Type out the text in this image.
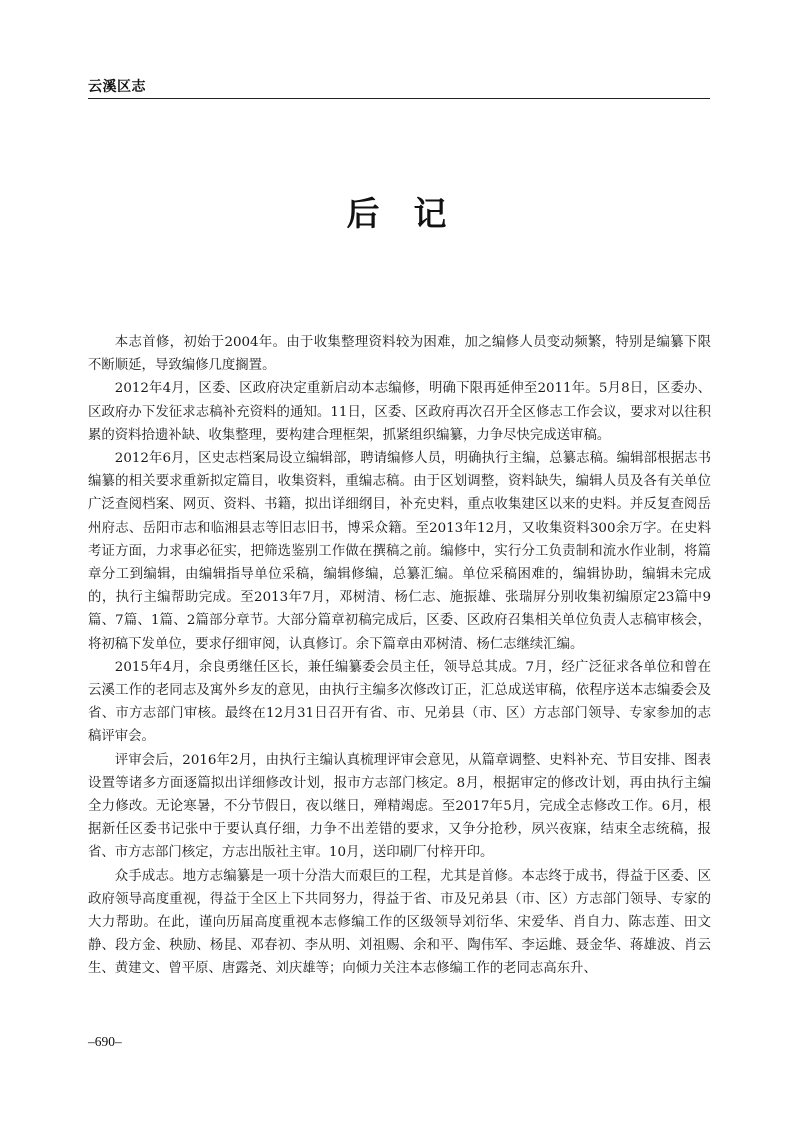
云溪区志
后记

本志首修，初始于2004年。由于收集整理资料较为困难，加之编修人员变动频繁，特别是编纂下限不断顺延，导致编修几度搁置。

2012年4月，区委、区政府决定重新启动本志编修，明确下限再延伸至2011年。5月8日，区委办、区政府办下发征求志稿补充资料的通知。11日，区委、区政府再次召开全区修志工作会议，要求对以往积累的资料拾遗补缺、收集整理，要构建合理框架，抓紧组织编纂，力争尽快完成送审稿。

2012年6月，区史志档案局设立编辑部，聘请编修人员，明确执行主编，总纂志稿。编辑部根据志书编纂的相关要求重新拟定篇目，收集资料，重编志稿。由于区划调整，资料缺失，编辑人员及各有关单位广泛查阅档案、网页、资料、书籍，拟出详细纲目，补充史料，重点收集建区以来的史料。并反复查阅岳州府志、岳阳市志和临湘县志等旧志旧书，博采众籍。至2013年12月，又收集资料300余万字。在史料考证方面，力求事必征实，把筛选鉴别工作做在撰稿之前。编修中，实行分工负责制和流水作业制，将篇章分工到编辑，由编辑指导单位采稿，编辑修编，总纂汇编。单位采稿困难的，编辑协助，编辑未完成的，执行主编帮助完成。至2013年7月，邓树清、杨仁志、施振雄、张瑞屏分别收集初编原定23篇中9篇、7篇、1篇、2篇部分章节。大部分篇章初稿完成后，区委、区政府召集相关单位负责人志稿审核会，将初稿下发单位，要求仔细审阅，认真修订。余下篇章由邓树清、杨仁志继续汇编。

2015年4月，余良勇继任区长，兼任编纂委会员主任，领导总其成。7月，经广泛征求各单位和曾在云溪工作的老同志及寓外乡友的意见，由执行主编多次修改订正，汇总成送审稿，依程序送本志编委会及省、市方志部门审核。最终在12月31日召开有省、市、兄弟县（市、区）方志部门领导、专家参加的志稿评审会。

评审会后，2016年2月，由执行主编认真梳理评审会意见，从篇章调整、史料补充、节目安排、图表设置等诸多方面逐篇拟出详细修改计划，报市方志部门核定。8月，根据审定的修改计划，再由执行主编全力修改。无论寒暑，不分节假日，夜以继日，殚精竭虑。至2017年5月，完成全志修改工作。6月，根据新任区委书记张中于要认真仔细，力争不出差错的要求，又争分抢秒，夙兴夜寐，结束全志统稿，报省、市方志部门核定，方志出版社主审。10月，送印刷厂付梓开印。

众手成志。地方志编纂是一项十分浩大而艰巨的工程，尤其是首修。本志终于成书，得益于区委、区政府领导高度重视，得益于全区上下共同努力，得益于省、市及兄弟县（市、区）方志部门领导、专家的大力帮助。在此，谨向历届高度重视本志修编工作的区级领导刘衍华、宋爱华、肖自力、陈志莲、田文静、段方金、秧励、杨昆、邓春初、李从明、刘祖赐、余和平、陶伟军、李运雌、聂金华、蒋雄波、肖云生、黄建文、曾平原、唐露尧、刘庆雄等；向倾力关注本志修编工作的老同志高东升、

–690–
